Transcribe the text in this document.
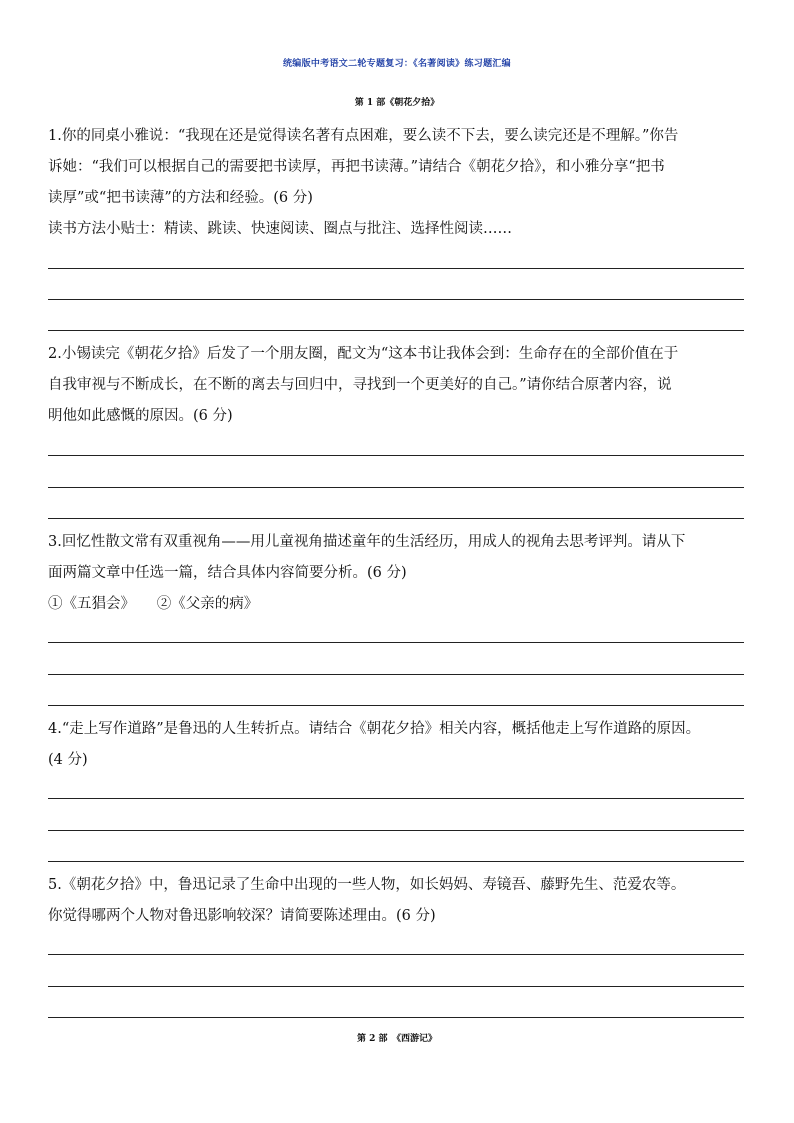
统编版中考语文二轮专题复习：《名著阅读》练习题汇编
第 1 部《朝花夕拾》

1.你的同桌小雅说：“我现在还是觉得读名著有点困难，要么读不下去，要么读完还是不理解。”你告

诉她：“我们可以根据自己的需要把书读厚，再把书读薄。”请结合《朝花夕拾》，和小雅分享“把书

读厚”或“把书读薄”的方法和经验。(6 分)

读书方法小贴士：精读、跳读、快速阅读、圈点与批注、选择性阅读……

2.小锡读完《朝花夕拾》后发了一个朋友圈，配文为“这本书让我体会到：生命存在的全部价值在于

自我审视与不断成长，在不断的离去与回归中，寻找到一个更美好的自己。”请你结合原著内容，说

明他如此感慨的原因。(6 分)

3.回忆性散文常有双重视角——用儿童视角描述童年的生活经历，用成人的视角去思考评判。请从下

面两篇文章中任选一篇，结合具体内容简要分析。(6 分)

①《五猖会》　　②《父亲的病》

4.“走上写作道路”是鲁迅的人生转折点。请结合《朝花夕拾》相关内容，概括他走上写作道路的原因。

(4 分)

5.《朝花夕拾》中，鲁迅记录了生命中出现的一些人物，如长妈妈、寿镜吾、藤野先生、范爱农等。

你觉得哪两个人物对鲁迅影响较深？请简要陈述理由。(6 分)

第 2 部　《西游记》
